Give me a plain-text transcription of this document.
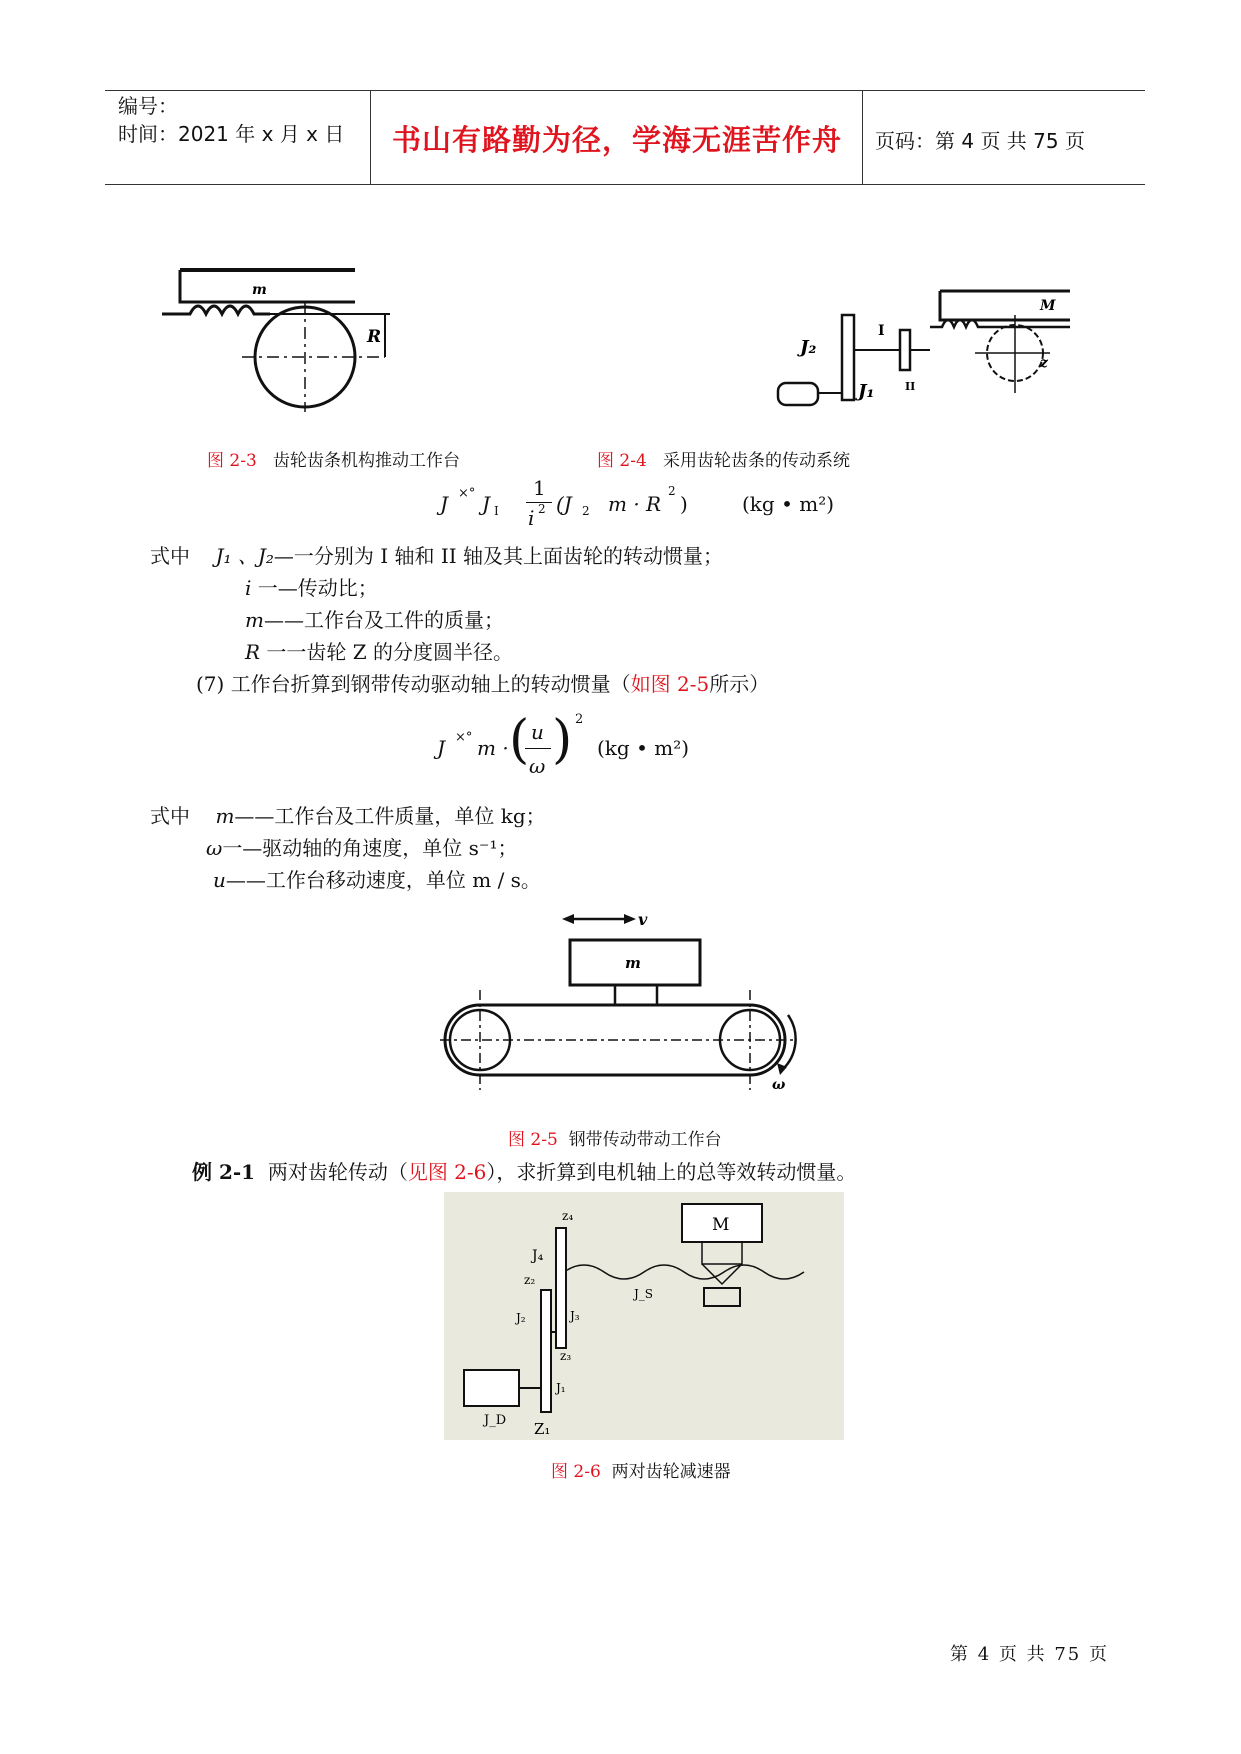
编号：
时间：2021 年 x 月 x 日	书山有路勤为径，学海无涯苦作舟	页码：第 4 页 共 75 页
R
m
图 2-3 齿轮齿条机构推动工作台
J₂
J₁
I
II
M
z
图 2-4 采用齿轮齿条的传动系统
J ×° J I
1
i 2 (J 2 m · R
2
)	(kg • m²)
式中 J₁ 、J₂—一分别为 I 轴和 II 轴及其上面齿轮的转动惯量；
i 一—传动比；
m——工作台及工件的质量；
R 一一齿轮 Z 的分度圆半径。
(7) 工作台折算到钢带传动驱动轴上的转动惯量（如图 2-5所示）
J ×° m · ( u
ω ) 2
(kg • m²)
式中 m——工作台及工件质量，单位 kg；
ω一—驱动轴的角速度，单位 s⁻¹；
u——工作台移动速度，单位 m / s。
v
m
ω
图 2-5 钢带传动带动工作台
例 2-1 两对齿轮传动（见图 2-6），求折算到电机轴上的总等效转动惯量。
M
z₄
J₄
z₂
J₂	J₃
z₃
J₁
J_D Z₁
J_S
图 2-6 两对齿轮减速器
第 4 页 共 75 页
